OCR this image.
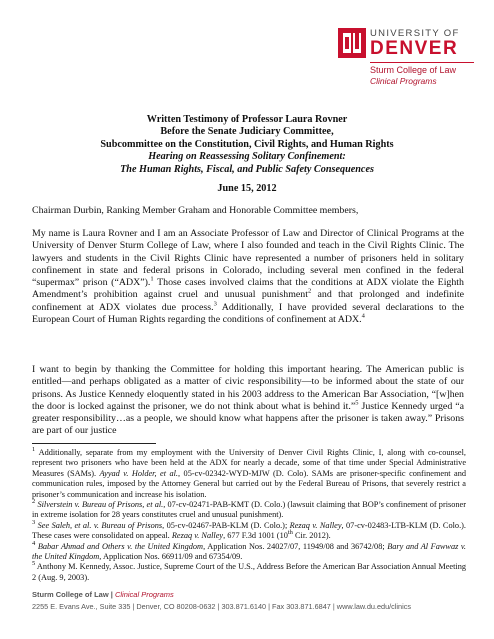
UNIVERSITY OF
DENVER
Sturm College of Law
Clinical Programs
Written Testimony of Professor Laura Rovner
Before the Senate Judiciary Committee,
Subcommittee on the Constitution, Civil Rights, and Human Rights
Hearing on Reassessing Solitary Confinement:
The Human Rights, Fiscal, and Public Safety Consequences
June 15, 2012
Chairman Durbin, Ranking Member Graham and Honorable Committee members,
My name is Laura Rovner and I am an Associate Professor of Law and Director of Clinical Programs at the University of Denver Sturm College of Law, where I also founded and teach in the Civil Rights Clinic. The lawyers and students in the Civil Rights Clinic have represented a number of prisoners held in solitary confinement in state and federal prisons in Colorado, including several men confined in the federal “supermax” prison (“ADX”).$^1$ Those cases involved claims that the conditions at ADX violate the Eighth Amendment’s prohibition against cruel and unusual punishment$^2$ and that prolonged and indefinite confinement at ADX violates due process.$^3$ Additionally, I have provided several declarations to the European Court of Human Rights regarding the conditions of confinement at ADX.$^4$
I want to begin by thanking the Committee for holding this important hearing. The American public is entitled—and perhaps obligated as a matter of civic responsibility—to be informed about the state of our prisons. As Justice Kennedy eloquently stated in his 2003 address to the American Bar Association, “[w]hen the door is locked against the prisoner, we do not think about what is behind it.”$^5$ Justice Kennedy urged “a greater responsibility…as a people, we should know what happens after the prisoner is taken away.” Prisons are part of our justice

$^1$ Additionally, separate from my employment with the University of Denver Civil Rights Clinic, I, along with co-counsel, represent two prisoners who have been held at the ADX for nearly a decade, some of that time under Special Administrative Measures (SAMs). Ayyad v. Holder, et al., 05-cv-02342-WYD-MJW (D. Colo). SAMs are prisoner-specific confinement and communication rules, imposed by the Attorney General but carried out by the Federal Bureau of Prisons, that severely restrict a prisoner’s communication and increase his isolation.

$^2$ Silverstein v. Bureau of Prisons, et al., 07-cv-02471-PAB-KMT (D. Colo.) (lawsuit claiming that BOP’s confinement of prisoner in extreme isolation for 28 years constitutes cruel and unusual punishment).

$^3$ See Saleh, et al. v. Bureau of Prisons, 05-cv-02467-PAB-KLM (D. Colo.); Rezaq v. Nalley, 07-cv-02483-LTB-KLM (D. Colo.). These cases were consolidated on appeal. Rezaq v. Nalley, 677 F.3d 1001 (10th Cir. 2012).

$^4$ Babar Ahmad and Others v. the United Kingdom, Application Nos. 24027/07, 11949/08 and 36742/08; Bary and Al Fawwaz v. the United Kingdom, Application Nos. 66911/09 and 67354/09.

$^5$ Anthony M. Kennedy, Assoc. Justice, Supreme Court of the U.S., Address Before the American Bar Association Annual Meeting 2 (Aug. 9, 2003).

Sturm College of Law | Clinical Programs
2255 E. Evans Ave., Suite 335 | Denver, CO 80208-0632 | 303.871.6140 | Fax 303.871.6847 | www.law.du.edu/clinics
